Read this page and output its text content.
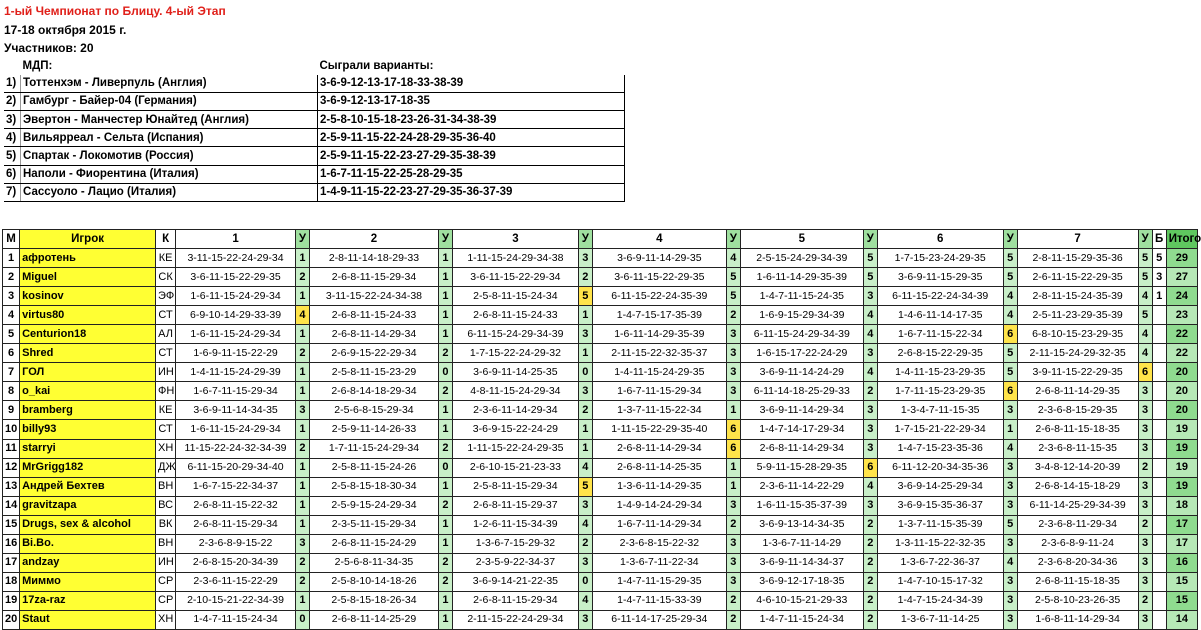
1-ый Чемпионат по Блицу. 4-ый Этап
17-18 октября 2015 г.
Участников: 20
	МДП:	Сыграли варианты:
1)	Тоттенхэм - Ливерпуль (Англия)	3-6-9-12-13-17-18-33-38-39
2)	Гамбург - Байер-04 (Германия)	3-6-9-12-13-17-18-35
3)	Эвертон - Манчестер Юнайтед (Англия)	2-5-8-10-15-18-23-26-31-34-38-39
4)	Вильярреал - Сельта (Испания)	2-5-9-11-15-22-24-28-29-35-36-40
5)	Спартак - Локомотив (Россия)	2-5-9-11-15-22-23-27-29-35-38-39
6)	Наполи - Фиорентина (Италия)	1-6-7-11-15-22-25-28-29-35
7)	Сассуоло - Лацио (Италия)	1-4-9-11-15-22-23-27-29-35-36-37-39
М	Игрок	К	1	У	2	У	3	У	4	У	5	У	6	У	7	У	Б	Итого
1	афротень	КЕ	3-11-15-22-24-29-34	1	2-8-11-14-18-29-33	1	1-11-15-24-29-34-38	3	3-6-9-11-14-29-35	4	2-5-15-24-29-34-39	5	1-7-15-23-24-29-35	5	2-8-11-15-29-35-36	5	5	29
2	Miguel	СК	3-6-11-15-22-29-35	2	2-6-8-11-15-29-34	1	3-6-11-15-22-29-34	2	3-6-11-15-22-29-35	5	1-6-11-14-29-35-39	5	3-6-9-11-15-29-35	5	2-6-11-15-22-29-35	5	3	27
3	kosinov	ЭФ	1-6-11-15-24-29-34	1	3-11-15-22-24-34-38	1	2-5-8-11-15-24-34	5	6-11-15-22-24-35-39	5	1-4-7-11-15-24-35	3	6-11-15-22-24-34-39	4	2-8-11-15-24-35-39	4	1	24
4	virtus80	СТ	6-9-10-14-29-33-39	4	2-6-8-11-15-24-33	1	2-6-8-11-15-24-33	1	1-4-7-15-17-35-39	2	1-6-9-15-29-34-39	4	1-4-6-11-14-17-35	4	2-5-11-23-29-35-39	5		23
5	Centurion18	АЛ	1-6-11-15-24-29-34	1	2-6-8-11-14-29-34	1	6-11-15-24-29-34-39	3	1-6-11-14-29-35-39	3	6-11-15-24-29-34-39	4	1-6-7-11-15-22-34	6	6-8-10-15-23-29-35	4		22
6	Shred	СТ	1-6-9-11-15-22-29	2	2-6-9-15-22-29-34	2	1-7-15-22-24-29-32	1	2-11-15-22-32-35-37	3	1-6-15-17-22-24-29	3	2-6-8-15-22-29-35	5	2-11-15-24-29-32-35	4		22
7	ГОЛ	ИН	1-4-11-15-24-29-39	1	2-5-8-11-15-23-29	0	3-6-9-11-14-25-35	0	1-4-11-15-24-29-35	3	3-6-9-11-14-24-29	4	1-4-11-15-23-29-35	5	3-9-11-15-22-29-35	6		20
8	o_kai	ФН	1-6-7-11-15-29-34	1	2-6-8-14-18-29-34	2	4-8-11-15-24-29-34	3	1-6-7-11-15-29-34	3	6-11-14-18-25-29-33	2	1-7-11-15-23-29-35	6	2-6-8-11-14-29-35	3		20
9	bramberg	КЕ	3-6-9-11-14-34-35	3	2-5-6-8-15-29-34	1	2-3-6-11-14-29-34	2	1-3-7-11-15-22-34	1	3-6-9-11-14-29-34	3	1-3-4-7-11-15-35	3	2-3-6-8-15-29-35	3		20
10	billy93	СТ	1-6-11-15-24-29-34	1	2-5-9-11-14-26-33	1	3-6-9-15-22-24-29	1	1-11-15-22-29-35-40	6	1-4-7-14-17-29-34	3	1-7-15-21-22-29-34	1	2-6-8-11-15-18-35	3		19
11	starryi	ХН	11-15-22-24-32-34-39	2	1-7-11-15-24-29-34	2	1-11-15-22-24-29-35	1	2-6-8-11-14-29-34	6	2-6-8-11-14-29-34	3	1-4-7-15-23-35-36	4	2-3-6-8-11-15-35	3		19
12	MrGrigg182	ДЖ	6-11-15-20-29-34-40	1	2-5-8-11-15-24-26	0	2-6-10-15-21-23-33	4	2-6-8-11-14-25-35	1	5-9-11-15-28-29-35	6	6-11-12-20-34-35-36	3	3-4-8-12-14-20-39	2		19
13	Андрей Бехтев	ВН	1-6-7-15-22-34-37	1	2-5-8-15-18-30-34	1	2-5-8-11-15-29-34	5	1-3-6-11-14-29-35	1	2-3-6-11-14-22-29	4	3-6-9-14-25-29-34	3	2-6-8-14-15-18-29	3		19
14	gravitzapa	ВС	2-6-8-11-15-22-32	1	2-5-9-15-24-29-34	2	2-6-8-11-15-29-37	3	1-4-9-14-24-29-34	3	1-6-11-15-35-37-39	3	3-6-9-15-35-36-37	3	6-11-14-25-29-34-39	3		18
15	Drugs, sex & alcohol	ВК	2-6-8-11-15-29-34	1	2-3-5-11-15-29-34	1	1-2-6-11-15-34-39	4	1-6-7-11-14-29-34	2	3-6-9-13-14-34-35	2	1-3-7-11-15-35-39	5	2-3-6-8-11-29-34	2		17
16	Bi.Bo.	ВН	2-3-6-8-9-15-22	3	2-6-8-11-15-24-29	1	1-3-6-7-15-29-32	2	2-3-6-8-15-22-32	3	1-3-6-7-11-14-29	2	1-3-11-15-22-32-35	3	2-3-6-8-9-11-24	3		17
17	andzay	ИН	2-6-8-15-20-34-39	2	2-5-6-8-11-34-35	2	2-3-5-9-22-34-37	3	1-3-6-7-11-22-34	3	3-6-9-11-14-34-37	2	1-3-6-7-22-36-37	4	2-3-6-8-20-34-36	3		16
18	Миммо	СР	2-3-6-11-15-22-29	2	2-5-8-10-14-18-26	2	3-6-9-14-21-22-35	0	1-4-7-11-15-29-35	3	3-6-9-12-17-18-35	2	1-4-7-10-15-17-32	3	2-6-8-11-15-18-35	3		15
19	17za-raz	СР	2-10-15-21-22-34-39	1	2-5-8-15-18-26-34	1	2-6-8-11-15-29-34	4	1-4-7-11-15-33-39	2	4-6-10-15-21-29-33	2	1-4-7-15-24-34-39	3	2-5-8-10-23-26-35	2		15
20	Staut	ХН	1-4-7-11-15-24-34	0	2-6-8-11-14-25-29	1	2-11-15-22-24-29-34	3	6-11-14-17-25-29-34	2	1-4-7-11-15-24-34	2	1-3-6-7-11-14-25	3	1-6-8-11-14-29-34	3		14
